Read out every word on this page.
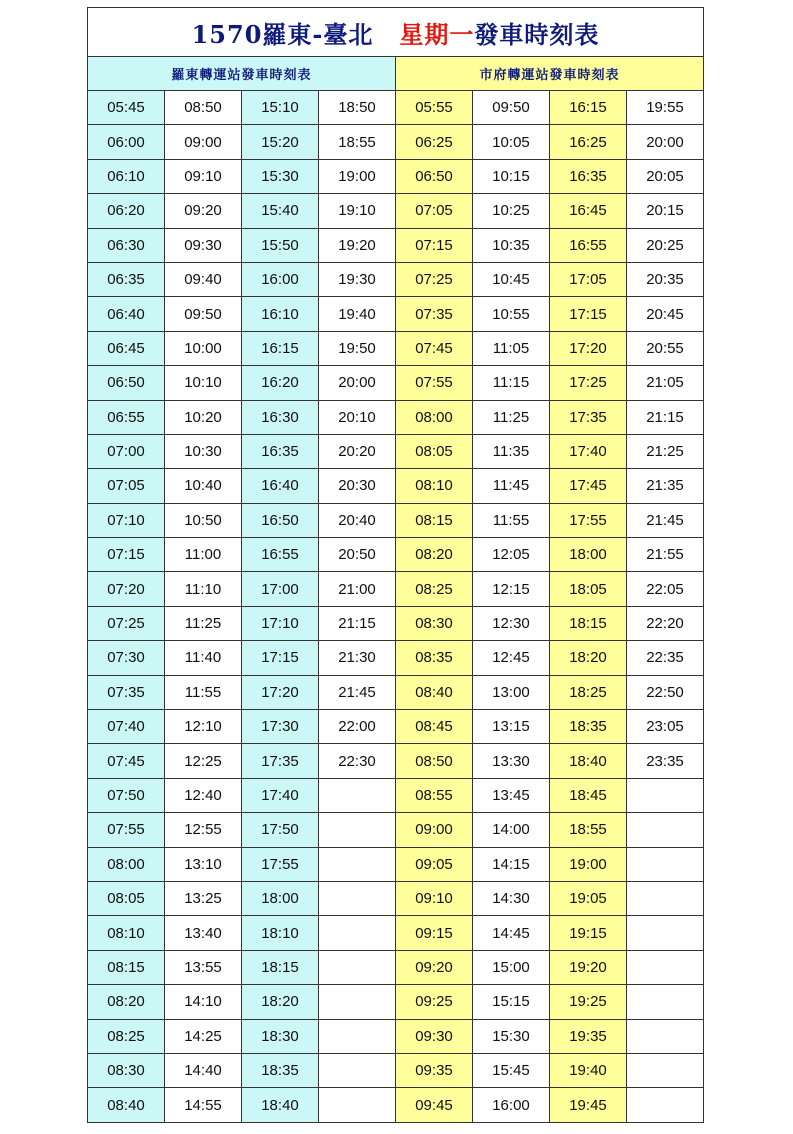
1570羅東-臺北 星期一發車時刻表							
羅東轉運站發車時刻表				市府轉運站發車時刻表			
05:45	08:50	15:10	18:50	05:55	09:50	16:15	19:55
06:00	09:00	15:20	18:55	06:25	10:05	16:25	20:00
06:10	09:10	15:30	19:00	06:50	10:15	16:35	20:05
06:20	09:20	15:40	19:10	07:05	10:25	16:45	20:15
06:30	09:30	15:50	19:20	07:15	10:35	16:55	20:25
06:35	09:40	16:00	19:30	07:25	10:45	17:05	20:35
06:40	09:50	16:10	19:40	07:35	10:55	17:15	20:45
06:45	10:00	16:15	19:50	07:45	11:05	17:20	20:55
06:50	10:10	16:20	20:00	07:55	11:15	17:25	21:05
06:55	10:20	16:30	20:10	08:00	11:25	17:35	21:15
07:00	10:30	16:35	20:20	08:05	11:35	17:40	21:25
07:05	10:40	16:40	20:30	08:10	11:45	17:45	21:35
07:10	10:50	16:50	20:40	08:15	11:55	17:55	21:45
07:15	11:00	16:55	20:50	08:20	12:05	18:00	21:55
07:20	11:10	17:00	21:00	08:25	12:15	18:05	22:05
07:25	11:25	17:10	21:15	08:30	12:30	18:15	22:20
07:30	11:40	17:15	21:30	08:35	12:45	18:20	22:35
07:35	11:55	17:20	21:45	08:40	13:00	18:25	22:50
07:40	12:10	17:30	22:00	08:45	13:15	18:35	23:05
07:45	12:25	17:35	22:30	08:50	13:30	18:40	23:35
07:50	12:40	17:40		08:55	13:45	18:45	
07:55	12:55	17:50		09:00	14:00	18:55	
08:00	13:10	17:55		09:05	14:15	19:00	
08:05	13:25	18:00		09:10	14:30	19:05	
08:10	13:40	18:10		09:15	14:45	19:15	
08:15	13:55	18:15		09:20	15:00	19:20	
08:20	14:10	18:20		09:25	15:15	19:25	
08:25	14:25	18:30		09:30	15:30	19:35	
08:30	14:40	18:35		09:35	15:45	19:40	
08:40	14:55	18:40		09:45	16:00	19:45	
